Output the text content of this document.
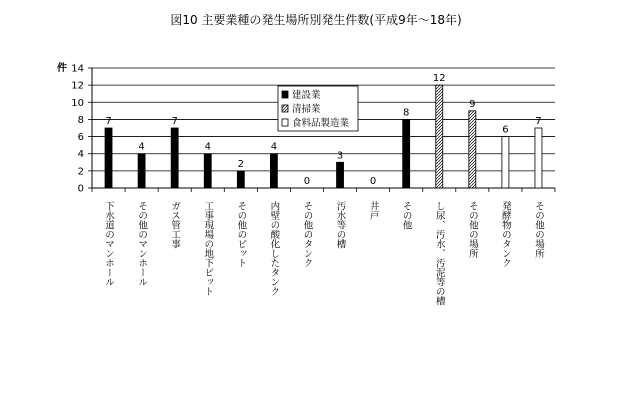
図10 主要業種の発生場所別発生件数(平成9年～18年)
件
0
2
4
6
8
10
12
14
7
4
7
4
2
4
0
3
0
8
12
9
6
7
下水道のマンホール その他のマンホール ガス管工事 工事現場の地下ピット その他のピット 内壁の酸化したタンク その他のタンク 汚水等の槽 井戸 その他 し尿、汚水、汚泥等の槽 その他の場所 発酵物のタンク その他の場所
建設業
清掃業
食料品製造業
